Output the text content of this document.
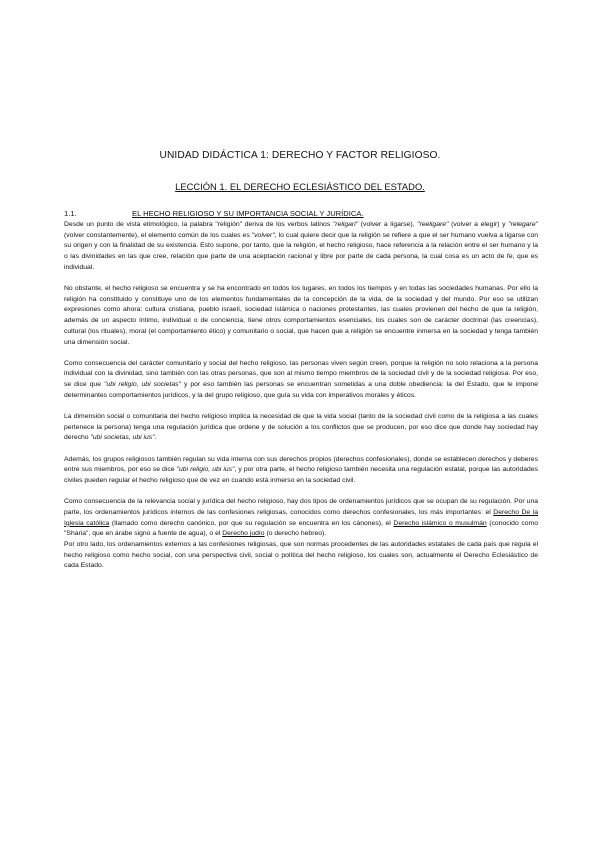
UNIDAD DIDÁCTICA 1: DERECHO Y FACTOR RELIGIOSO.
LECCIÓN 1. EL DERECHO ECLESIÁSTICO DEL ESTADO.
1.1.	EL HECHO RELIGIOSO Y SU IMPORTANCIA SOCIAL Y JURÍDICA.

Desde un punto de vista etimológico, la palabra "religión" deriva de los verbos latinos "religari" (volver a ligarse), "reeligare" (volver a elegir) y "relegare" (volver constantemente), el elemento común de los cuales es "volver", lo cual quiere decir que la religión se refiere a que el ser humano vuelva a ligarse con su origen y con la finalidad de su existencia. Esto supone, por tanto, que la religión, el hecho religioso, hace referencia a la relación entre el ser humano y la o las divinidades en las que cree, relación que parte de una aceptación racional y libre por parte de cada persona, la cual cosa es un acto de fe, que es individual.

No obstante, el hecho religioso se encuentra y se ha encontrado en todos los lugares, en todos los tiempos y en todas las sociedades humanas. Por ello la religión ha constituido y constituye uno de los elementos fundamentales de la concepción de la vida, de la sociedad y del mundo. Por eso se utilizan expresiones como ahora: cultura cristiana, pueblo israelí, sociedad islámica o naciones protestantes, las cuales provienen del hecho de que la religión, además de un aspecto íntimo, individual o de conciencia, tiene otros comportamientos esenciales, los cuales son de carácter doctrinal (las creencias), cultural (los rituales), moral (el comportamiento ético) y comunitario o social, que hacen que a religión se encuentre inmersa en la sociedad y tenga también una dimensión social.

Como consecuencia del carácter comunitario y social del hecho religioso, las personas viven según creen, porque la religión no solo relaciona a la persona individual con la divinidad, sino también con las otras personas, que son al mismo tiempo miembros de la sociedad civil y de la sociedad religiosa. Por eso, se dice que "ubi religio, ubi societas" y por eso también las personas se encuentran sometidas a una doble obediencia: la del Estado, que le impone determinantes comportamientos jurídicos, y la del grupo religioso, que guía su vida con imperativos morales y éticos.

La dimensión social o comunitaria del hecho religioso implica la necesidad de que la vida social (tanto de la sociedad civil como de la religiosa a las cuales pertenece la persona) tenga una regulación jurídica que ordene y de solución a los conflictos que se producen, por eso dice que donde hay sociedad hay derecho "ubi societas, ubi ius".

Además, los grupos religiosos también regulan su vida interna con sus derechos propios (derechos confesionales), donde se establecen derechos y deberes entre sus miembros, por eso se dice "ubi religio, ubi ius", y por otra parte, el hecho religioso también necesita una regulación estatal, porque las autoridades civiles pueden regular el hecho religioso que de vez en cuando está inmerso en la sociedad civil.

Como consecuencia de la relevancia social y jurídica del hecho religioso, hay dos tipos de ordenamientos jurídicos que se ocupan de su regulación. Por una parte, los ordenamientos jurídicos internos de las confesiones religiosas, conocidos como derechos confesionales, los más importantes: el Derecho De la Iglesia católica (llamado como derecho canónico, por que su regulación se encuentra en los cánones), el Derecho islámico o musulmán (conocido como "Sharia", que en árabe signo a fuente de agua), o el Derecho judío (o derecho hebreo).

Por otro lado, los ordenamientos externos a las confesiones religiosas, que son normas procedentes de las autoridades estatales de cada país que regula el hecho religioso como hecho social, con una perspectiva civil, social o política del hecho religioso, los cuales son, actualmente el Derecho Eclesiástico de cada Estado.
